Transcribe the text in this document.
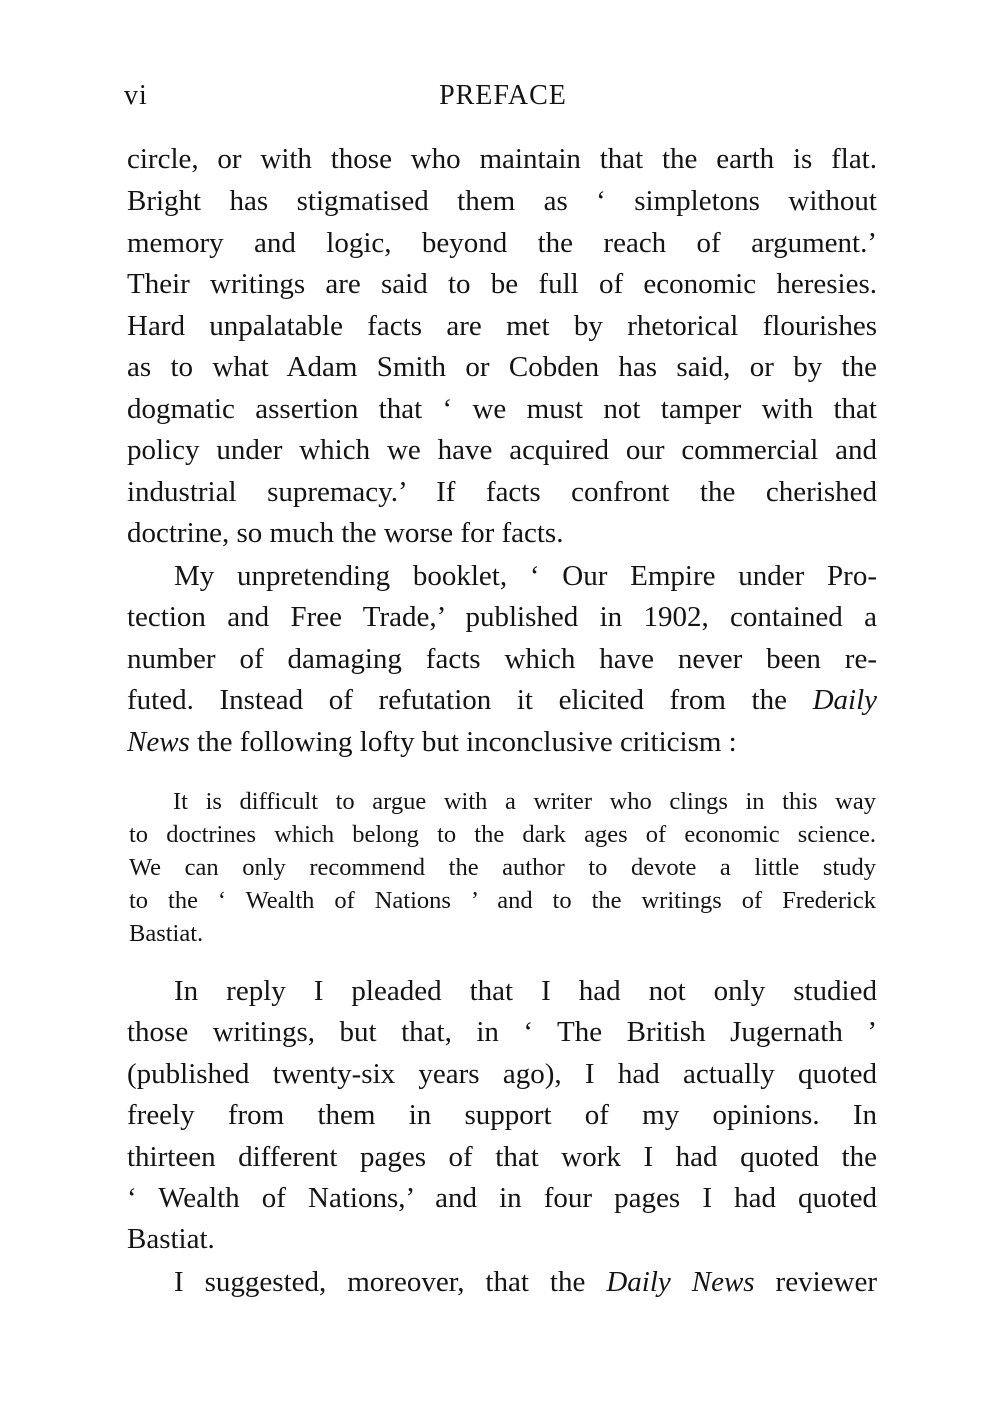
vi	PREFACE
circle, or with those who maintain that the earth is flat.
Bright has stigmatised them as ‘ simpletons without
memory and logic, beyond the reach of argument.’
Their writings are said to be full of economic heresies.
Hard unpalatable facts are met by rhetorical flourishes
as to what Adam Smith or Cobden has said, or by the
dogmatic assertion that ‘ we must not tamper with that
policy under which we have acquired our commercial and
industrial supremacy.’ If facts confront the cherished
doctrine, so much the worse for facts.
My unpretending booklet, ‘ Our Empire under Pro-
tection and Free Trade,’ published in 1902, contained a
number of damaging facts which have never been re-
futed. Instead of refutation it elicited from the Daily
News the following lofty but inconclusive criticism :
It is difficult to argue with a writer who clings in this way
to doctrines which belong to the dark ages of economic science.
We can only recommend the author to devote a little study
to the ‘ Wealth of Nations ’ and to the writings of Frederick
Bastiat.
In reply I pleaded that I had not only studied
those writings, but that, in ‘ The British Jugernath ’
(published twenty-six years ago), I had actually quoted
freely from them in support of my opinions. In
thirteen different pages of that work I had quoted the
‘ Wealth of Nations,’ and in four pages I had quoted
Bastiat.
I suggested, moreover, that the Daily News reviewer
